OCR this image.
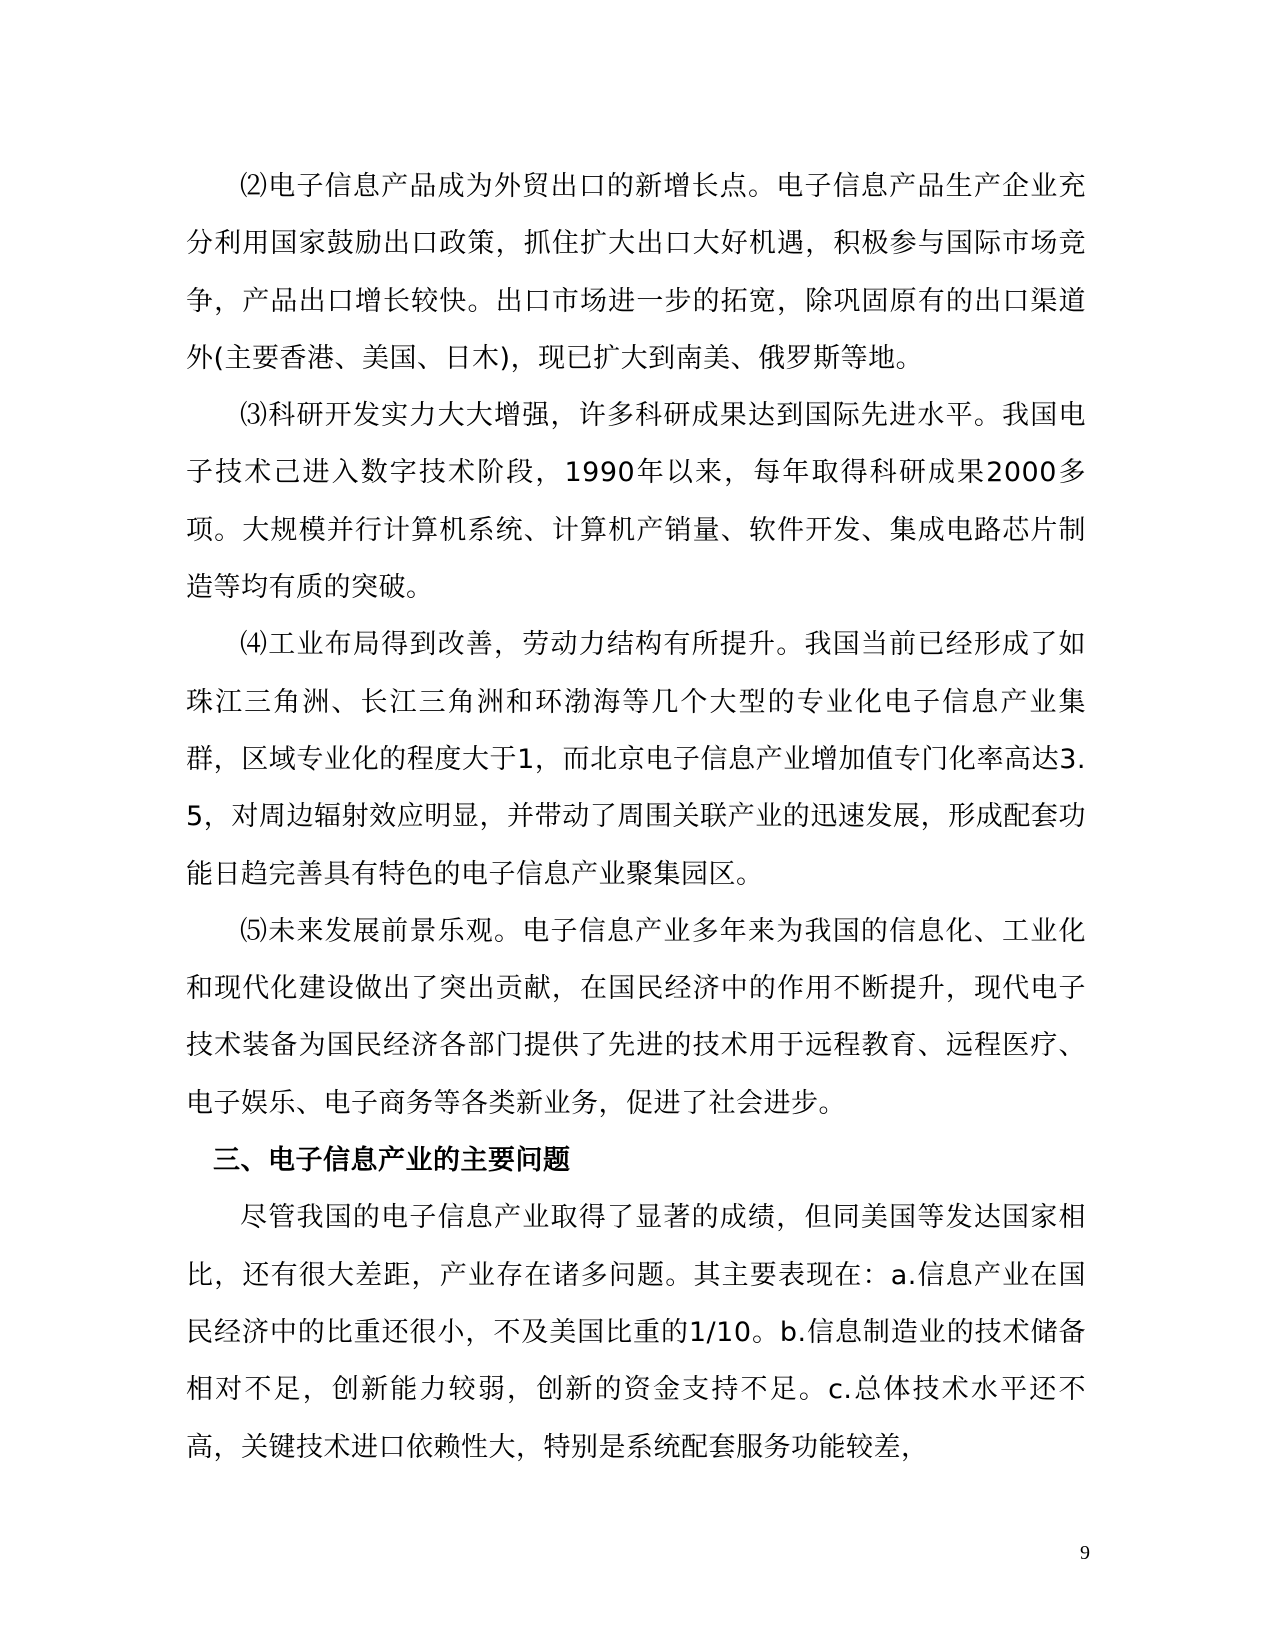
⑵电子信息产品成为外贸出口的新增长点。电子信息产品生产企业充分利用国家鼓励出口政策，抓住扩大出口大好机遇，积极参与国际市场竞争，产品出口增长较快。出口市场进一步的拓宽，除巩固原有的出口渠道外(主要香港、美国、日木)，现已扩大到南美、俄罗斯等地。

⑶科研开发实力大大增强，许多科研成果达到国际先进水平。我国电子技术己进入数字技术阶段，1990年以来，每年取得科研成果2000多项。大规模并行计算机系统、计算机产销量、软件开发、集成电路芯片制造等均有质的突破。

⑷工业布局得到改善，劳动力结构有所提升。我国当前已经形成了如珠江三角洲、长江三角洲和环渤海等几个大型的专业化电子信息产业集群，区域专业化的程度大于1，而北京电子信息产业增加值专门化率高达3.5，对周边辐射效应明显，并带动了周围关联产业的迅速发展，形成配套功能日趋完善具有特色的电子信息产业聚集园区。

⑸未来发展前景乐观。电子信息产业多年来为我国的信息化、工业化和现代化建设做出了突出贡献，在国民经济中的作用不断提升，现代电子技术装备为国民经济各部门提供了先进的技术用于远程教育、远程医疗、电子娱乐、电子商务等各类新业务，促进了社会进步。

三、电子信息产业的主要问题

尽管我国的电子信息产业取得了显著的成绩，但同美国等发达国家相比，还有很大差距，产业存在诸多问题。其主要表现在：a.信息产业在国民经济中的比重还很小，不及美国比重的1/10。b.信息制造业的技术储备相对不足，创新能力较弱，创新的资金支持不足。c.总体技术水平还不高，关键技术进口依赖性大，特别是系统配套服务功能较差，

9
